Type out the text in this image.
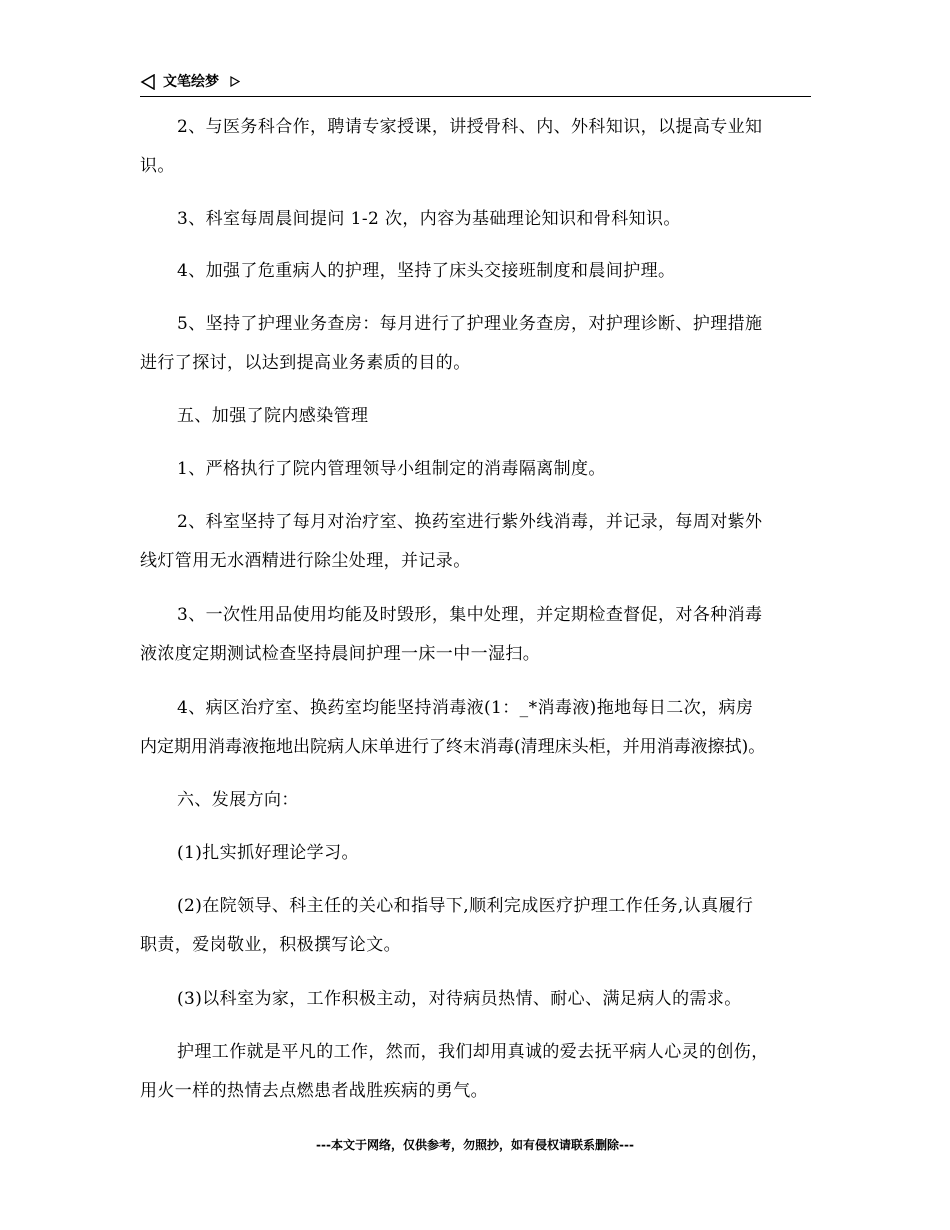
文笔绘梦
2、与医务科合作，聘请专家授课，讲授骨科、内、外科知识，以提高专业知
识。
3、科室每周晨间提问 1-2 次，内容为基础理论知识和骨科知识。
4、加强了危重病人的护理，坚持了床头交接班制度和晨间护理。
5、坚持了护理业务查房：每月进行了护理业务查房，对护理诊断、护理措施
进行了探讨，以达到提高业务素质的目的。
五、加强了院内感染管理
1、严格执行了院内管理领导小组制定的消毒隔离制度。
2、科室坚持了每月对治疗室、换药室进行紫外线消毒，并记录，每周对紫外
线灯管用无水酒精进行除尘处理，并记录。
3、一次性用品使用均能及时毁形，集中处理，并定期检查督促，对各种消毒
液浓度定期测试检查坚持晨间护理一床一中一湿扫。
4、病区治疗室、换药室均能坚持消毒液(1：_*消毒液)拖地每日二次，病房
内定期用消毒液拖地出院病人床单进行了终末消毒(清理床头柜，并用消毒液擦拭)。
六、发展方向：
(1)扎实抓好理论学习。
(2)在院领导、科主任的关心和指导下,顺利完成医疗护理工作任务,认真履行
职责，爱岗敬业，积极撰写论文。
(3)以科室为家，工作积极主动，对待病员热情、耐心、满足病人的需求。
护理工作就是平凡的工作，然而，我们却用真诚的爱去抚平病人心灵的创伤，
用火一样的热情去点燃患者战胜疾病的勇气。
---本文于网络，仅供参考，勿照抄，如有侵权请联系删除---
